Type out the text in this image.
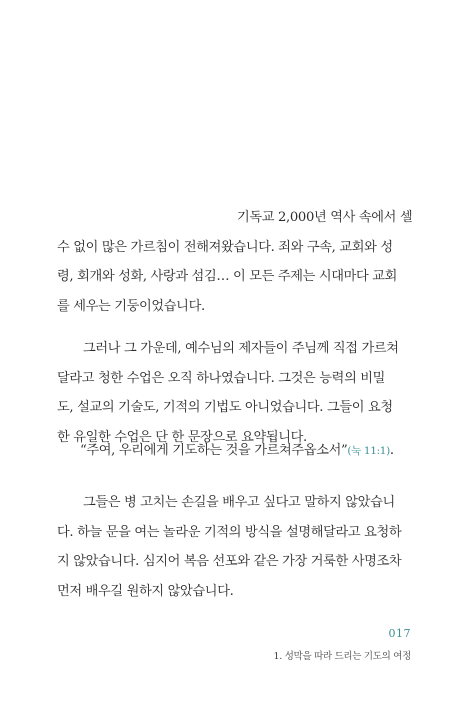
기독교 2,000년 역사 속에서 셀
수 없이 많은 가르침이 전해져왔습니다. 죄와 구속, 교회와 성
령, 회개와 성화, 사랑과 섬김… 이 모든 주제는 시대마다 교회
를 세우는 기둥이었습니다.
그러나 그 가운데, 예수님의 제자들이 주님께 직접 가르쳐
달라고 청한 수업은 오직 하나였습니다. 그것은 능력의 비밀
도, 설교의 기술도, 기적의 기법도 아니었습니다. 그들이 요청
한 유일한 수업은 단 한 문장으로 요약됩니다.
“주여, 우리에게 기도하는 것을 가르쳐주옵소서”(눅 11:1).
그들은 병 고치는 손길을 배우고 싶다고 말하지 않았습니
다. 하늘 문을 여는 놀라운 기적의 방식을 설명해달라고 요청하
지 않았습니다. 심지어 복음 선포와 같은 가장 거룩한 사명조차
먼저 배우길 원하지 않았습니다.
017
1. 성막을 따라 드리는 기도의 여정
